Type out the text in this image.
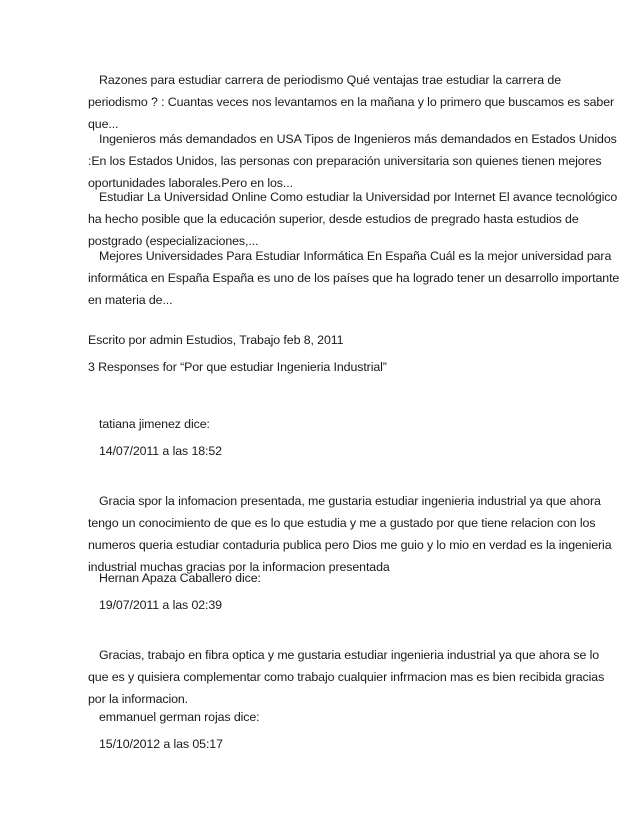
Razones para estudiar carrera de periodismo Qué ventajas trae estudiar la carrera de
periodismo ? : Cuantas veces nos levantamos en la mañana y lo primero que buscamos es saber
que...
Ingenieros más demandados en USA Tipos de Ingenieros más demandados en Estados Unidos
:En los Estados Unidos, las personas con preparación universitaria son quienes tienen mejores
oportunidades laborales.Pero en los...
Estudiar La Universidad Online Como estudiar la Universidad por Internet El avance tecnológico
ha hecho posible que la educación superior, desde estudios de pregrado hasta estudios de
postgrado (especializaciones,...
Mejores Universidades Para Estudiar Informática En España Cuál es la mejor universidad para
informática en España España es uno de los países que ha logrado tener un desarrollo importante
en materia de...
Escrito por admin Estudios, Trabajo feb 8, 2011
3 Responses for “Por que estudiar Ingenieria Industrial”
tatiana jimenez dice:
14/07/2011 a las 18:52
Gracia spor la infomacion presentada, me gustaria estudiar ingenieria industrial ya que ahora
tengo un conocimiento de que es lo que estudia y me a gustado por que tiene relacion con los
numeros queria estudiar contaduria publica pero Dios me guio y lo mio en verdad es la ingenieria
industrial muchas gracias por la informacion presentada
Hernan Apaza Caballero dice:
19/07/2011 a las 02:39
Gracias, trabajo en fibra optica y me gustaria estudiar ingenieria industrial ya que ahora se lo
que es y quisiera complementar como trabajo cualquier infrmacion mas es bien recibida gracias
por la informacion.
emmanuel german rojas dice:
15/10/2012 a las 05:17
